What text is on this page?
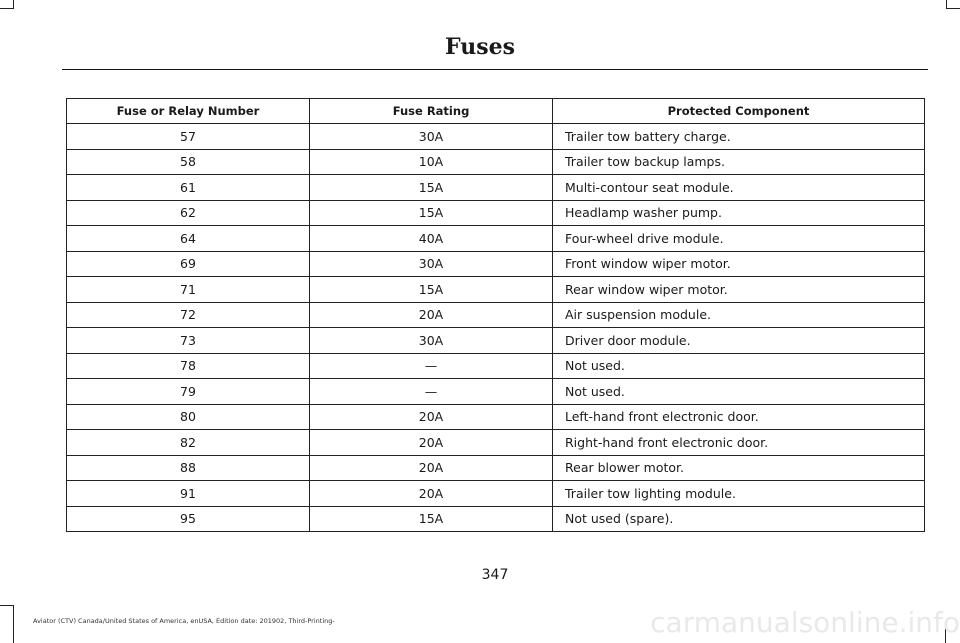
Fuses
Fuse or Relay Number	Fuse Rating	Protected Component
57	30A	Trailer tow battery charge.
58	10A	Trailer tow backup lamps.
61	15A	Multi-contour seat module.
62	15A	Headlamp washer pump.
64	40A	Four-wheel drive module.
69	30A	Front window wiper motor.
71	15A	Rear window wiper motor.
72	20A	Air suspension module.
73	30A	Driver door module.
78	—	Not used.
79	—	Not used.
80	20A	Left-hand front electronic door.
82	20A	Right-hand front electronic door.
88	20A	Rear blower motor.
91	20A	Trailer tow lighting module.
95	15A	Not used (spare).
347
Aviator (CTV) Canada/United States of America, enUSA, Edition date: 201902, Third-Printing-	carmanualsonline.info
